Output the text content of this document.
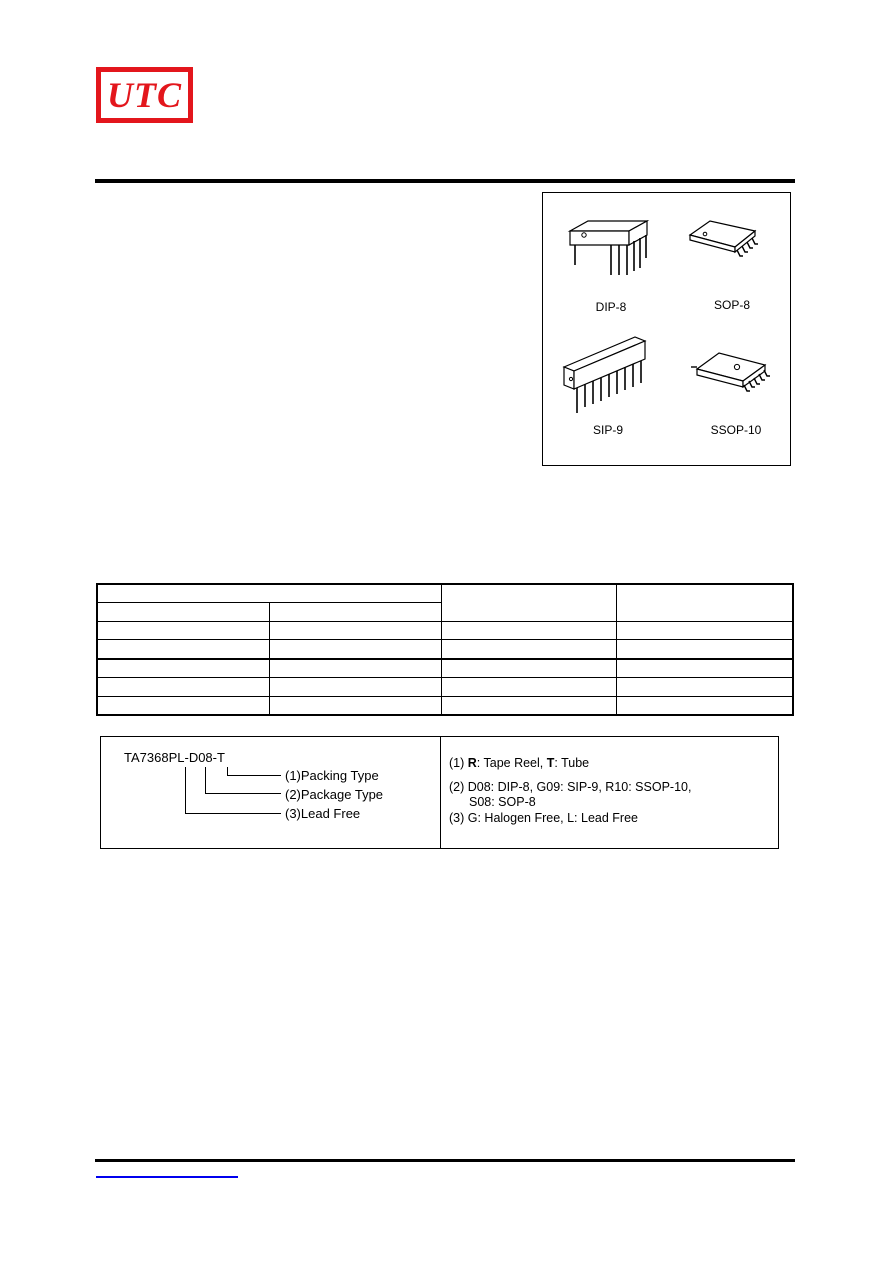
UTC
DIP-8	SOP-8
SIP-9	SSOP-10

TA7368PL-D08-T
(1)Packing Type
(2)Package Type
(3)Lead Free
(1) R: Tape Reel, T: Tube
(2) D08: DIP-8, G09: SIP-9, R10: SSOP-10,
S08: SOP-8
(3) G: Halogen Free, L: Lead Free
